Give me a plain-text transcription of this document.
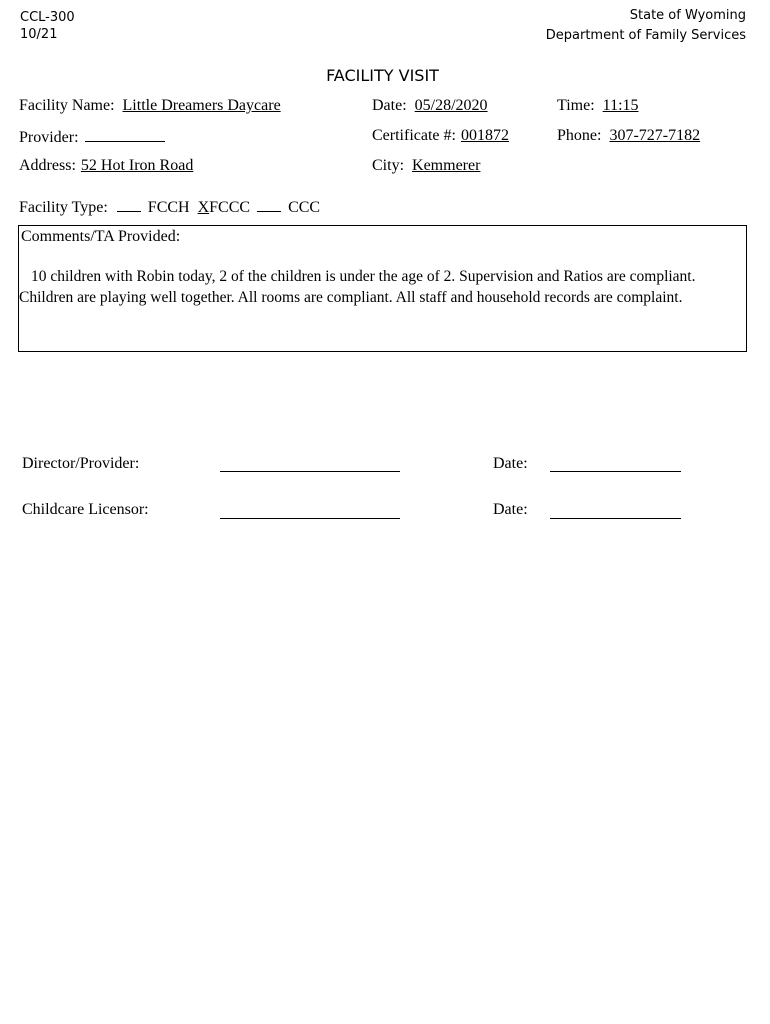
CCL-300
10/21
State of Wyoming
Department of Family Services
FACILITY VISIT
Facility Name: Little Dreamers Daycare	Date: 05/28/2020	Time: 11:15
Provider:	Certificate #: 001872	Phone: 307-727-7182
Address: 52 Hot Iron Road	City: Kemmerer
Facility Type:	FCCH XFCCC CCC
Comments/TA Provided:
10 children with Robin today, 2 of the children is under the age of 2. Supervision and Ratios are compliant.
Children are playing well together. All rooms are compliant. All staff and household records are complaint.
Director/Provider:	Date:
Childcare Licensor:	Date:
